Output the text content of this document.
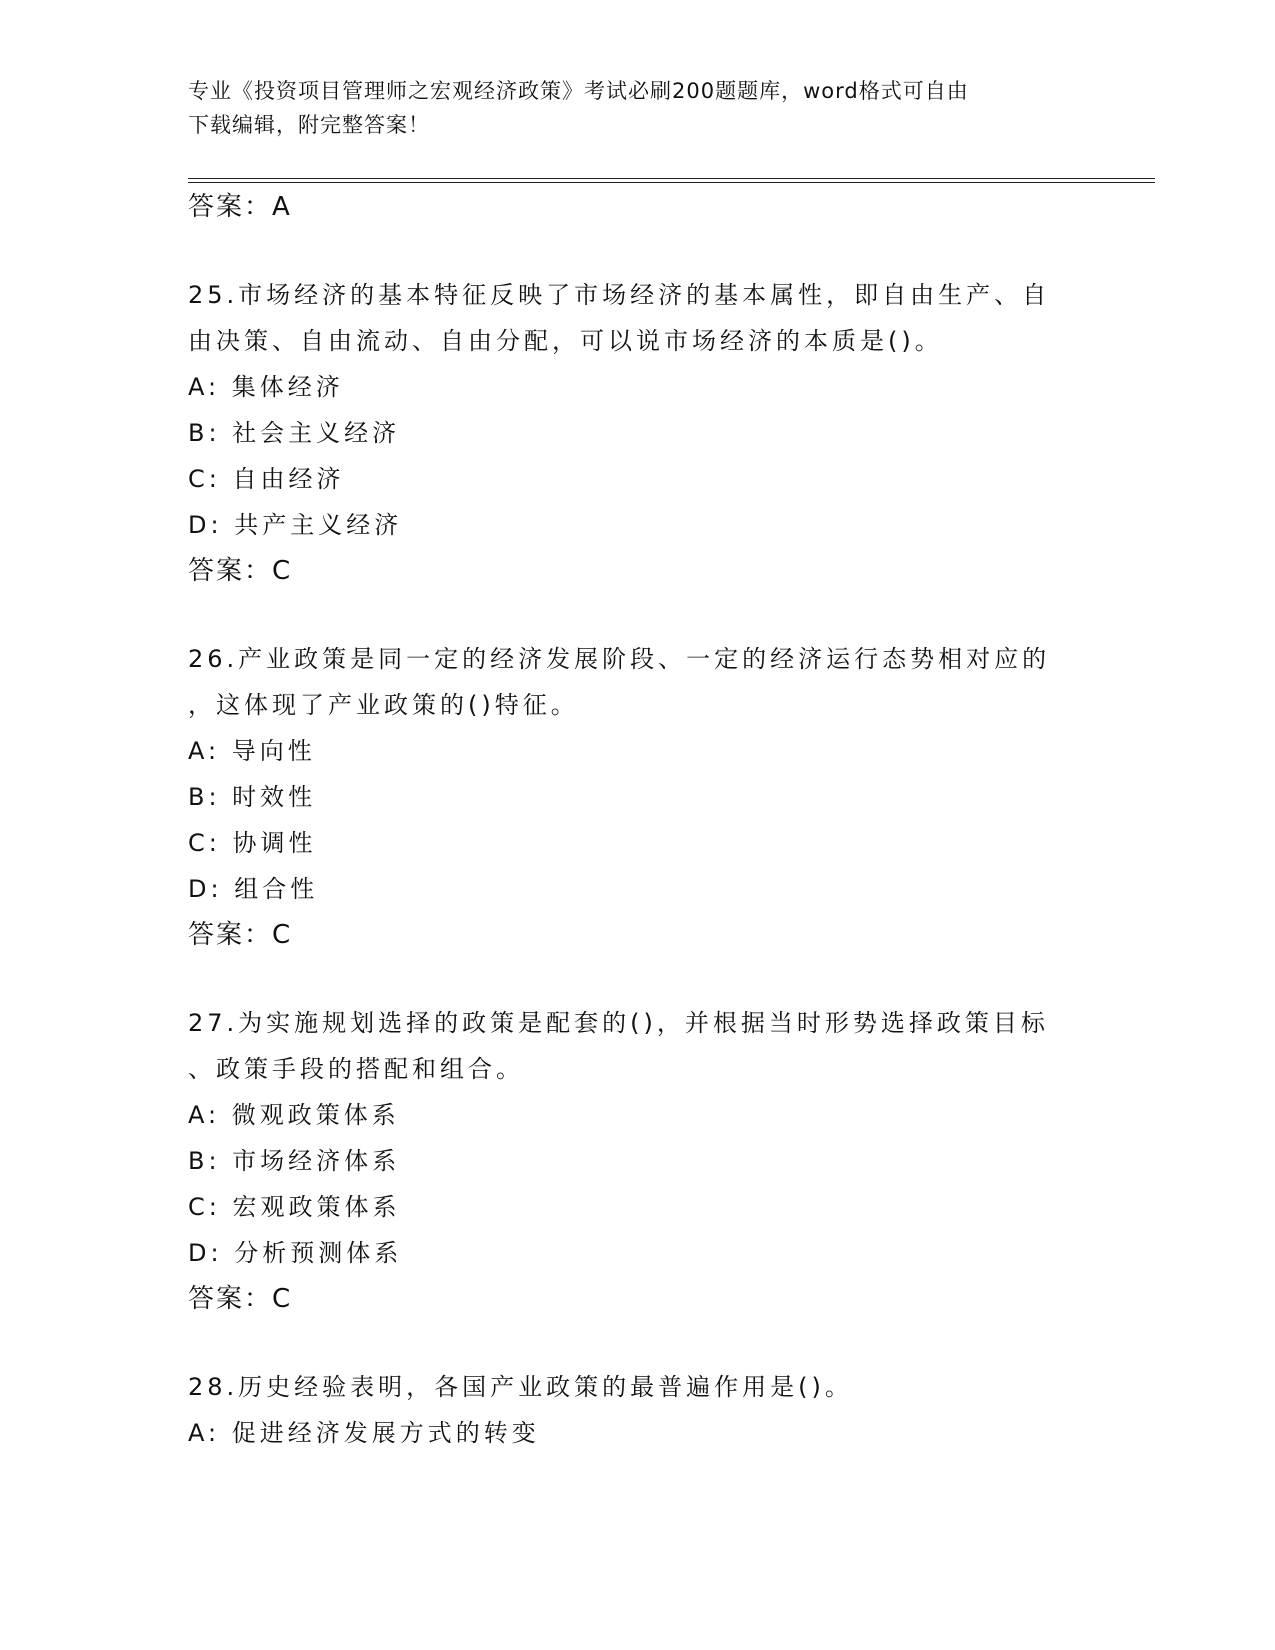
专业《投资项目管理师之宏观经济政策》考试必刷200题题库，word格式可自由
下载编辑，附完整答案！
答案：A
25.市场经济的基本特征反映了市场经济的基本属性，即自由生产、自
由决策、自由流动、自由分配，可以说市场经济的本质是()。
A: 集体经济
B: 社会主义经济
C: 自由经济
D: 共产主义经济
答案：C
26.产业政策是同一定的经济发展阶段、一定的经济运行态势相对应的
，这体现了产业政策的()特征。
A: 导向性
B: 时效性
C: 协调性
D: 组合性
答案：C
27.为实施规划选择的政策是配套的()，并根据当时形势选择政策目标
、政策手段的搭配和组合。
A: 微观政策体系
B: 市场经济体系
C: 宏观政策体系
D: 分析预测体系
答案：C
28.历史经验表明，各国产业政策的最普遍作用是()。
A: 促进经济发展方式的转变
